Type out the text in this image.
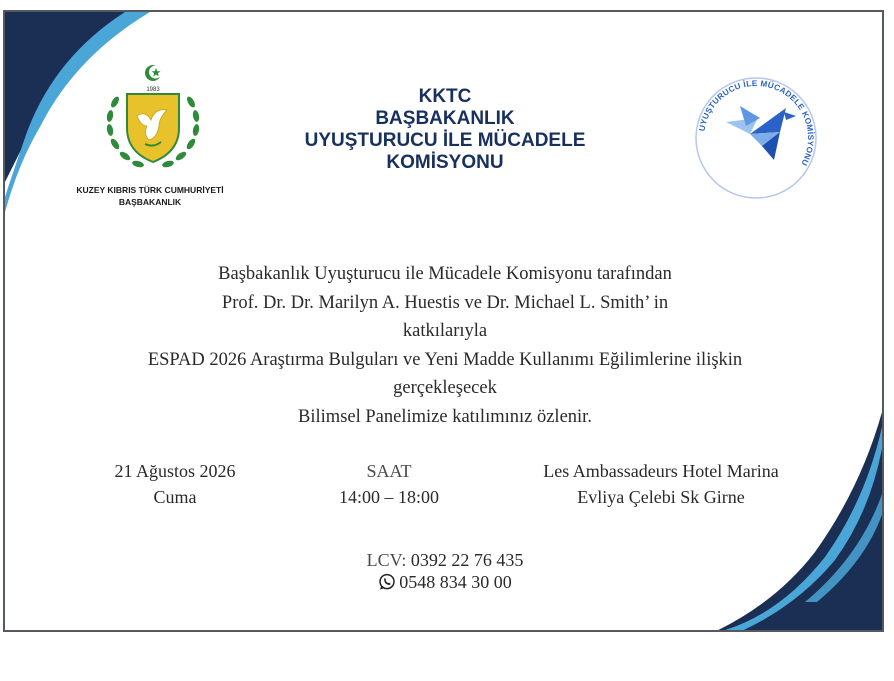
1983
KUZEY KIBRIS TÜRK CUMHURİYETİ
BAŞBAKANLIK
KKTC
BAŞBAKANLIK
UYUŞTURUCU İLE MÜCADELE
KOMİSYONU
UYUŞTURUCU İLE MÜCADELE KOMİSYONU
Başbakanlık Uyuşturucu ile Mücadele Komisyonu tarafından
Prof. Dr. Dr. Marilyn A. Huestis ve Dr. Michael L. Smith’ in
katkılarıyla
ESPAD 2026 Araştırma Bulguları ve Yeni Madde Kullanımı Eğilimlerine ilişkin
gerçekleşecek
Bilimsel Panelimize katılımınız özlenir.
21 Ağustos 2026
Cuma
SAAT
14:00 – 18:00
Les Ambassadeurs Hotel Marina
Evliya Çelebi Sk Girne
LCV: 0392 22 76 435
0548 834 30 00
